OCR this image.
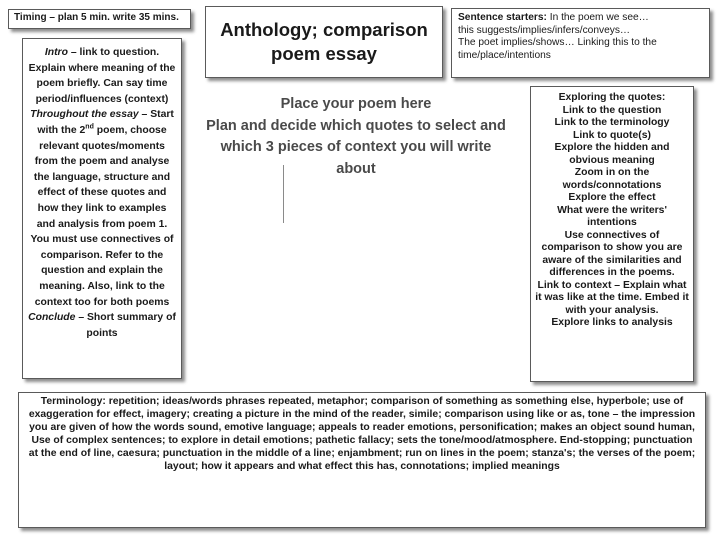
Timing – plan 5 min. write 35 mins.
Intro – link to question. Explain where meaning of the poem briefly. Can say time period/influences (context)
Throughout the essay – Start with the 2nd poem, choose relevant quotes/moments from the poem and analyse the language, structure and effect of these quotes and how they link to examples and analysis from poem 1. You must use connectives of comparison. Refer to the question and explain the meaning. Also, link to the context too for both poems
Conclude – Short summary of points
Anthology; comparison poem essay
Sentence starters: In the poem we see…
this suggests/implies/infers/conveys…
The poet implies/shows… Linking this to the time/place/intentions
Place your poem here
Plan and decide which quotes to select and which 3 pieces of context you will write about
Exploring the quotes:
Link to the question
Link to the terminology
Link to quote(s)
Explore the hidden and obvious meaning
Zoom in on the words/connotations
Explore the effect
What were the writers' intentions
Use connectives of comparison to show you are aware of the similarities and differences in the poems.
Link to context – Explain what it was like at the time. Embed it with your analysis.
Explore links to analysis
Terminology: repetition; ideas/words phrases repeated, metaphor; comparison of something as something else, hyperbole; use of exaggeration for effect, imagery; creating a picture in the mind of the reader, simile; comparison using like or as, tone – the impression you are given of how the words sound, emotive language; appeals to reader emotions, personification; makes an object sound human, Use of complex sentences; to explore in detail emotions; pathetic fallacy; sets the tone/mood/atmosphere. End-stopping; punctuation at the end of line, caesura; punctuation in the middle of a line; enjambment; run on lines in the poem; stanza's; the verses of the poem; layout; how it appears and what effect this has, connotations; implied meanings
